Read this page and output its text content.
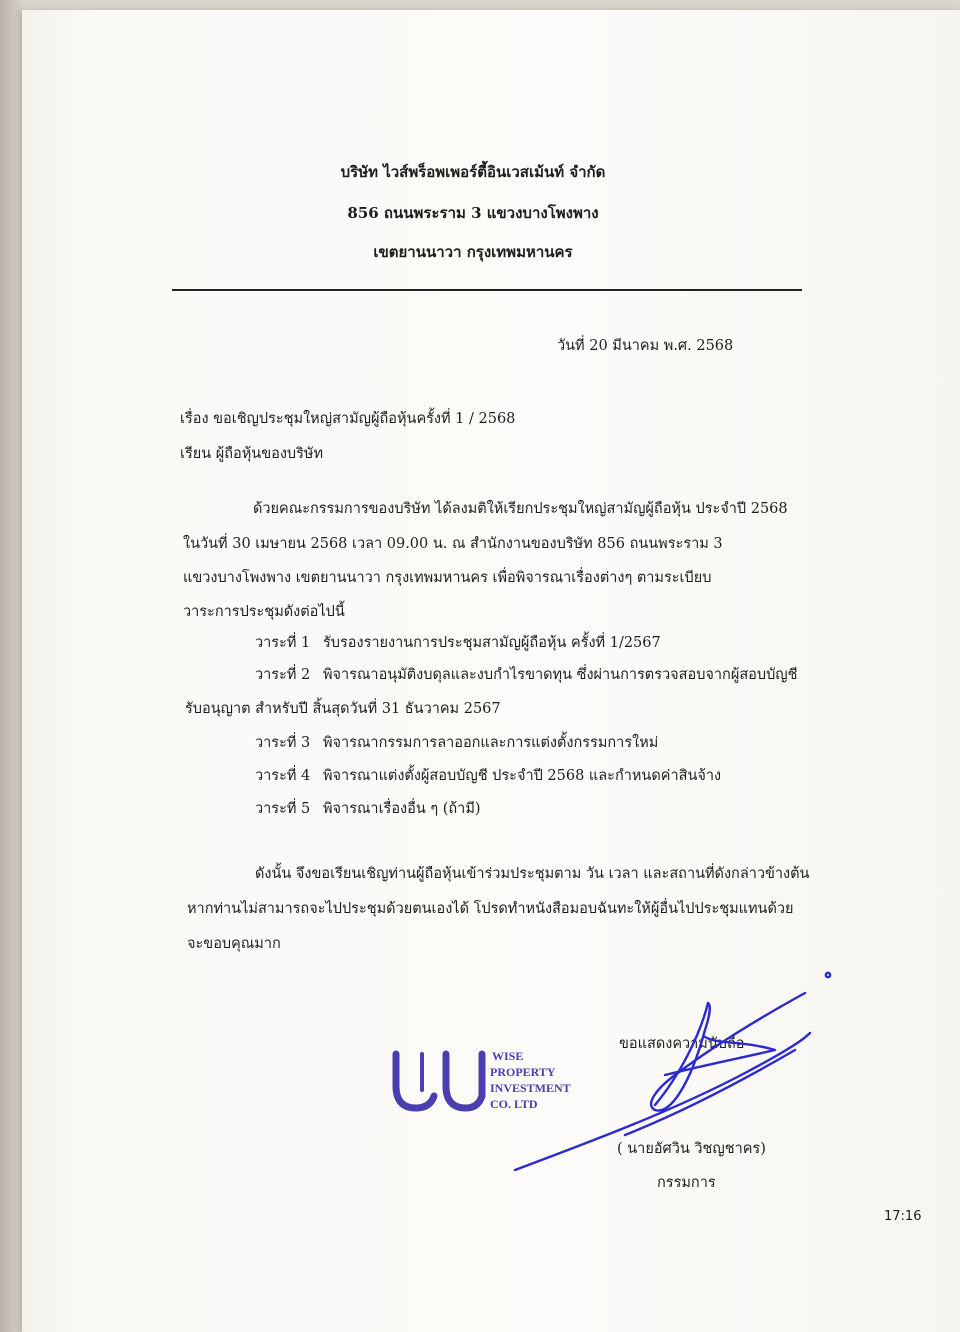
บริษัท ไวส์พร็อพเพอร์ตี้อินเวสเม้นท์ จำกัด
856 ถนนพระราม 3 แขวงบางโพงพาง
เขตยานนาวา กรุงเทพมหานคร
วันที่ 20 มีนาคม พ.ศ. 2568
เรื่อง ขอเชิญประชุมใหญ่สามัญผู้ถือหุ้นครั้งที่ 1 / 2568
เรียน ผู้ถือหุ้นของบริษัท
ด้วยคณะกรรมการของบริษัท ได้ลงมติให้เรียกประชุมใหญ่สามัญผู้ถือหุ้น ประจำปี 2568
ในวันที่ 30 เมษายน 2568 เวลา 09.00 น. ณ สำนักงานของบริษัท 856 ถนนพระราม 3
แขวงบางโพงพาง เขตยานนาวา กรุงเทพมหานคร เพื่อพิจารณาเรื่องต่างๆ ตามระเบียบ
วาระการประชุมดังต่อไปนี้
วาระที่ 1 รับรองรายงานการประชุมสามัญผู้ถือหุ้น ครั้งที่ 1/2567
วาระที่ 2 พิจารณาอนุมัติงบดุลและงบกำไรขาดทุน ซึ่งผ่านการตรวจสอบจากผู้สอบบัญชี
รับอนุญาต สำหรับปี สิ้นสุดวันที่ 31 ธันวาคม 2567
วาระที่ 3 พิจารณากรรมการลาออกและการแต่งตั้งกรรมการใหม่
วาระที่ 4 พิจารณาแต่งตั้งผู้สอบบัญชี ประจำปี 2568 และกำหนดค่าสินจ้าง
วาระที่ 5 พิจารณาเรื่องอื่น ๆ (ถ้ามี)
ดังนั้น จึงขอเรียนเชิญท่านผู้ถือหุ้นเข้าร่วมประชุมตาม วัน เวลา และสถานที่ดังกล่าวข้างต้น
หากท่านไม่สามารถจะไปประชุมด้วยตนเองได้ โปรดทำหนังสือมอบฉันทะให้ผู้อื่นไปประชุมแทนด้วย
จะขอบคุณมาก
ขอแสดงความนับถือ
( นายอัศวิน วิชญชาคร)
กรรมการ
WISE
PROPERTY
INVESTMENT
CO. LTD
17:16
